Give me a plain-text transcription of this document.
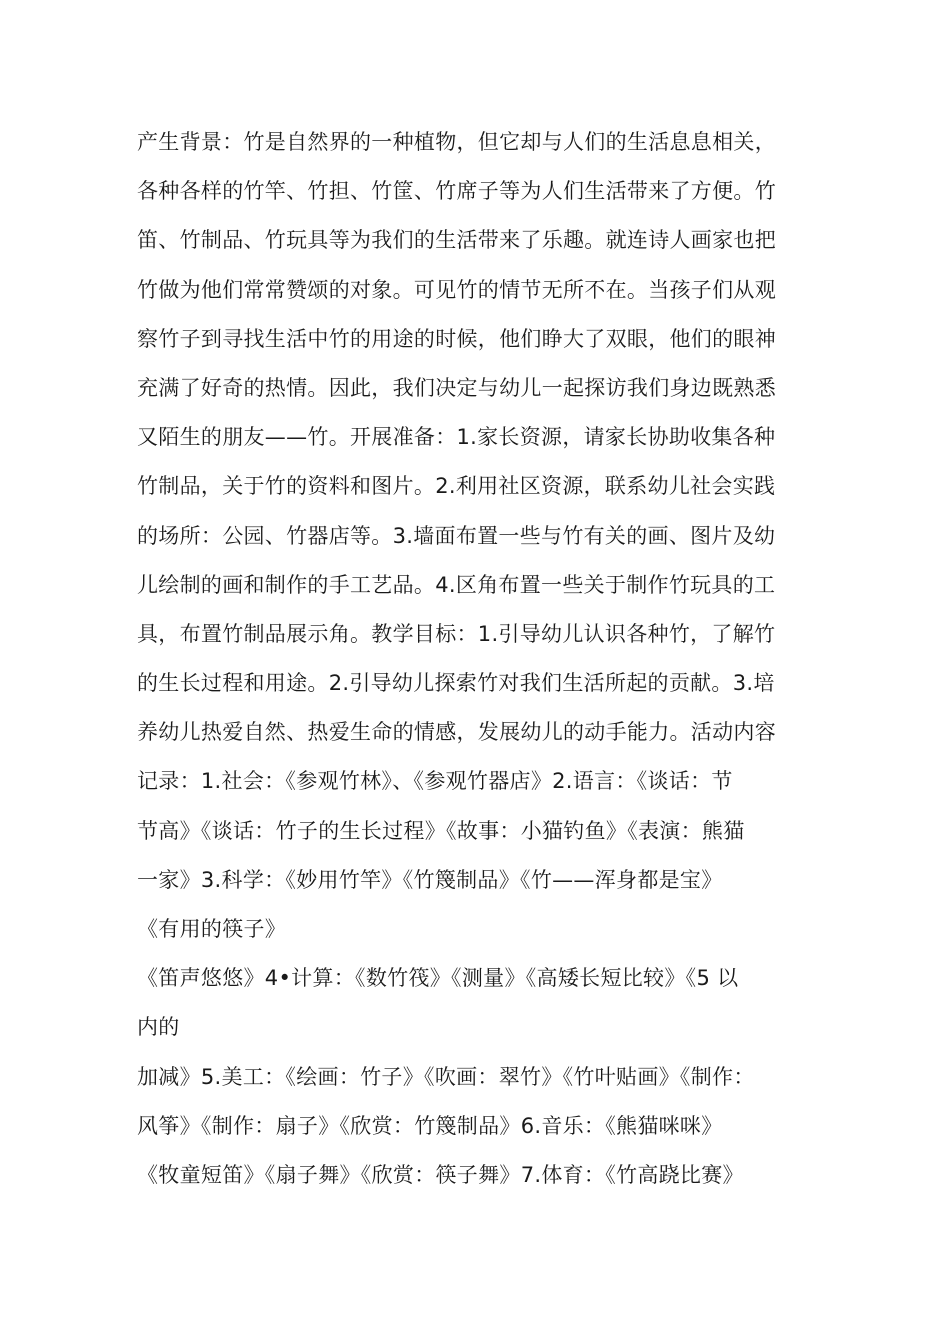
产生背景：竹是自然界的一种植物，但它却与人们的生活息息相关，
各种各样的竹竿、竹担、竹筐、竹席子等为人们生活带来了方便。竹
笛、竹制品、竹玩具等为我们的生活带来了乐趣。就连诗人画家也把
竹做为他们常常赞颂的对象。可见竹的情节无所不在。当孩子们从观
察竹子到寻找生活中竹的用途的时候，他们睁大了双眼，他们的眼神
充满了好奇的热情。因此，我们决定与幼儿一起探访我们身边既熟悉
又陌生的朋友——竹。开展准备：1.家长资源，请家长协助收集各种
竹制品，关于竹的资料和图片。2.利用社区资源，联系幼儿社会实践
的场所：公园、竹器店等。3.墙面布置一些与竹有关的画、图片及幼
儿绘制的画和制作的手工艺品。4.区角布置一些关于制作竹玩具的工
具，布置竹制品展示角。教学目标：1.引导幼儿认识各种竹，了解竹
的生长过程和用途。2.引导幼儿探索竹对我们生活所起的贡献。3.培
养幼儿热爱自然、热爱生命的情感，发展幼儿的动手能力。活动内容
记录：1.社会：《参观竹林》、《参观竹器店》2.语言：《谈话：节
节高》《谈话：竹子的生长过程》《故事：小猫钓鱼》《表演：熊猫
一家》3.科学：《妙用竹竿》《竹篾制品》《竹——浑身都是宝》
《有用的筷子》
《笛声悠悠》4•计算：《数竹筏》《测量》《高矮长短比较》《5 以
内的
加减》5.美工：《绘画：竹子》《吹画：翠竹》《竹叶贴画》《制作：
风筝》《制作：扇子》《欣赏：竹篾制品》6.音乐：《熊猫咪咪》
《牧童短笛》《扇子舞》《欣赏：筷子舞》7.体育：《竹高跷比赛》
